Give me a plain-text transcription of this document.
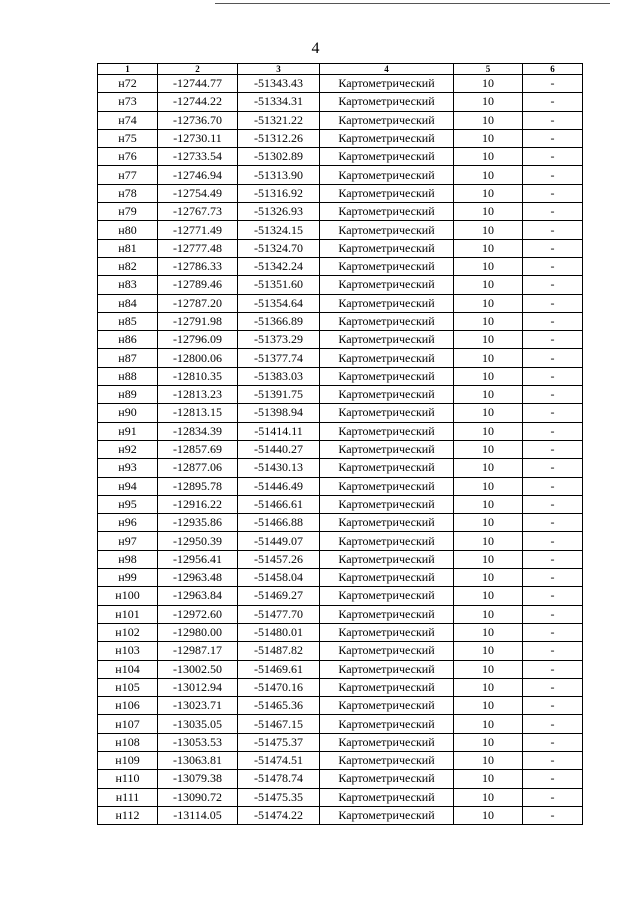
4
1	2	3	4	5	6
н72	-12744.77	-51343.43	Картометрический	10	-
н73	-12744.22	-51334.31	Картометрический	10	-
н74	-12736.70	-51321.22	Картометрический	10	-
н75	-12730.11	-51312.26	Картометрический	10	-
н76	-12733.54	-51302.89	Картометрический	10	-
н77	-12746.94	-51313.90	Картометрический	10	-
н78	-12754.49	-51316.92	Картометрический	10	-
н79	-12767.73	-51326.93	Картометрический	10	-
н80	-12771.49	-51324.15	Картометрический	10	-
н81	-12777.48	-51324.70	Картометрический	10	-
н82	-12786.33	-51342.24	Картометрический	10	-
н83	-12789.46	-51351.60	Картометрический	10	-
н84	-12787.20	-51354.64	Картометрический	10	-
н85	-12791.98	-51366.89	Картометрический	10	-
н86	-12796.09	-51373.29	Картометрический	10	-
н87	-12800.06	-51377.74	Картометрический	10	-
н88	-12810.35	-51383.03	Картометрический	10	-
н89	-12813.23	-51391.75	Картометрический	10	-
н90	-12813.15	-51398.94	Картометрический	10	-
н91	-12834.39	-51414.11	Картометрический	10	-
н92	-12857.69	-51440.27	Картометрический	10	-
н93	-12877.06	-51430.13	Картометрический	10	-
н94	-12895.78	-51446.49	Картометрический	10	-
н95	-12916.22	-51466.61	Картометрический	10	-
н96	-12935.86	-51466.88	Картометрический	10	-
н97	-12950.39	-51449.07	Картометрический	10	-
н98	-12956.41	-51457.26	Картометрический	10	-
н99	-12963.48	-51458.04	Картометрический	10	-
н100	-12963.84	-51469.27	Картометрический	10	-
н101	-12972.60	-51477.70	Картометрический	10	-
н102	-12980.00	-51480.01	Картометрический	10	-
н103	-12987.17	-51487.82	Картометрический	10	-
н104	-13002.50	-51469.61	Картометрический	10	-
н105	-13012.94	-51470.16	Картометрический	10	-
н106	-13023.71	-51465.36	Картометрический	10	-
н107	-13035.05	-51467.15	Картометрический	10	-
н108	-13053.53	-51475.37	Картометрический	10	-
н109	-13063.81	-51474.51	Картометрический	10	-
н110	-13079.38	-51478.74	Картометрический	10	-
н111	-13090.72	-51475.35	Картометрический	10	-
н112	-13114.05	-51474.22	Картометрический	10	-
